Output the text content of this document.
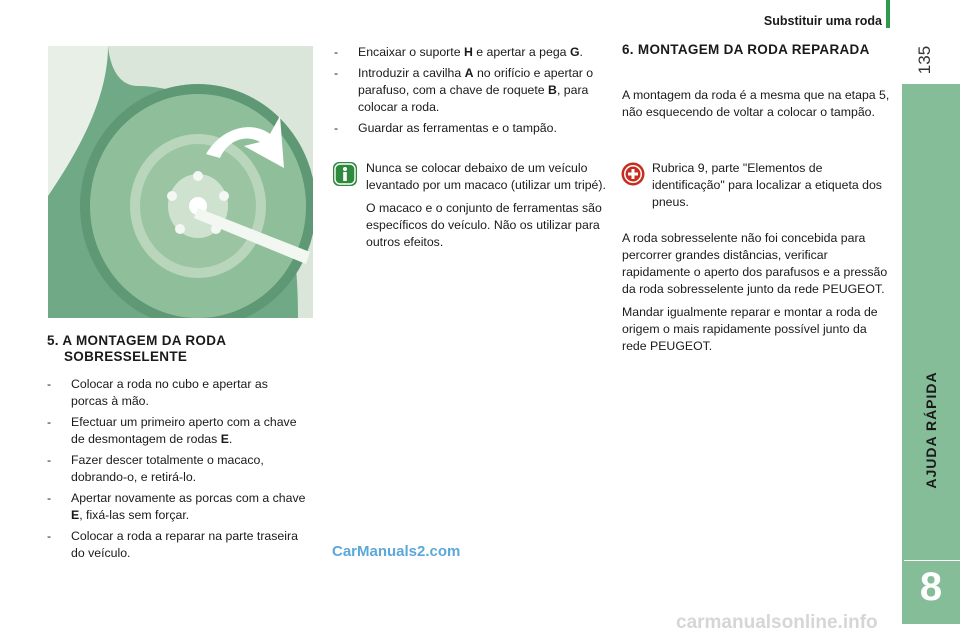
Substituir uma roda
135
AJUDA RÁPIDA
8
5. A MONTAGEM DA RODA SOBRESSELENTE
- Colocar a roda no cubo e apertar as porcas à mão.
- Efectuar um primeiro aperto com a chave de desmontagem de rodas E.
- Fazer descer totalmente o macaco, dobrando-o, e retirá-lo.
- Apertar novamente as porcas com a chave E, fixá-las sem forçar.
- Colocar a roda a reparar na parte traseira do veículo.
- Encaixar o suporte H e apertar a pega G.
- Introduzir a cavilha A no orifício e apertar o parafuso, com a chave de roquete B, para colocar a roda.
- Guardar as ferramentas e o tampão.

Nunca se colocar debaixo de um veículo levantado por um macaco (utilizar um tripé).

O macaco e o conjunto de ferramentas são específicos do veículo. Não os utilizar para outros efeitos.

6. MONTAGEM DA RODA REPARADA

A montagem da roda é a mesma que na etapa 5, não esquecendo de voltar a colocar o tampão.

Rubrica 9, parte "Elementos de identificação" para localizar a etiqueta dos pneus.

A roda sobresselente não foi concebida para percorrer grandes distâncias, verificar rapidamente o aperto dos parafusos e a pressão da roda sobresselente junto da rede PEUGEOT.

Mandar igualmente reparar e montar a roda de origem o mais rapidamente possível junto da rede PEUGEOT.

CarManuals2.com
carmanualsonline.info
